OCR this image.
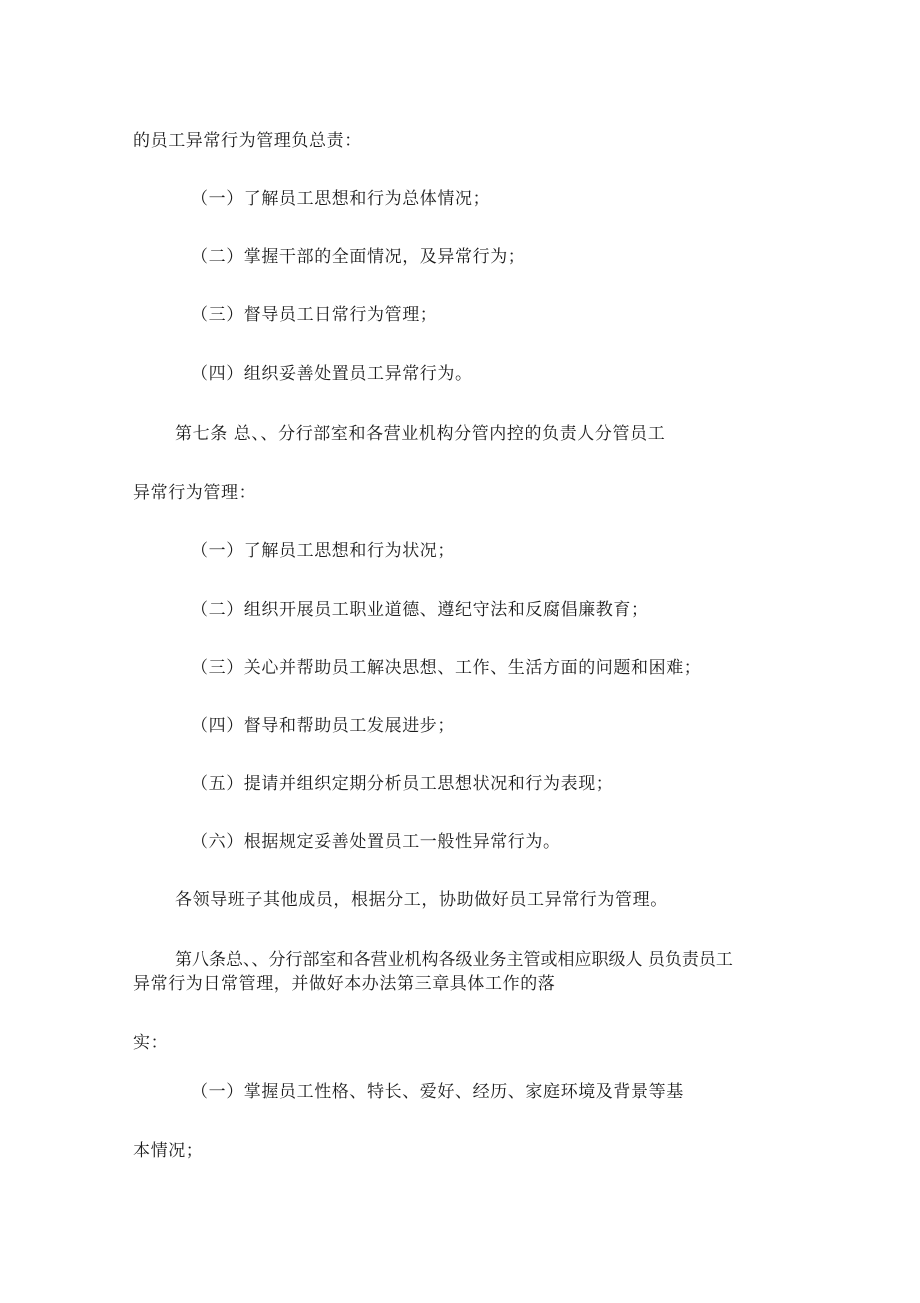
的员工异常行为管理负总责：
（一）了解员工思想和行为总体情况；
（二）掌握干部的全面情况，及异常行为；
（三）督导员工日常行为管理；
（四）组织妥善处置员工异常行为。
第七条 总、、分行部室和各营业机构分管内控的负责人分管员工
异常行为管理：
（一）了解员工思想和行为状况；
（二）组织开展员工职业道德、遵纪守法和反腐倡廉教育；
（三）关心并帮助员工解决思想、工作、生活方面的问题和困难；
（四）督导和帮助员工发展进步；
（五）提请并组织定期分析员工思想状况和行为表现；
（六）根据规定妥善处置员工一般性异常行为。
各领导班子其他成员，根据分工，协助做好员工异常行为管理。
第八条总、、分行部室和各营业机构各级业务主管或相应职级人 员负责员工
异常行为日常管理，并做好本办法第三章具体工作的落
实：
（一）掌握员工性格、特长、爱好、经历、家庭环境及背景等基
本情况；
